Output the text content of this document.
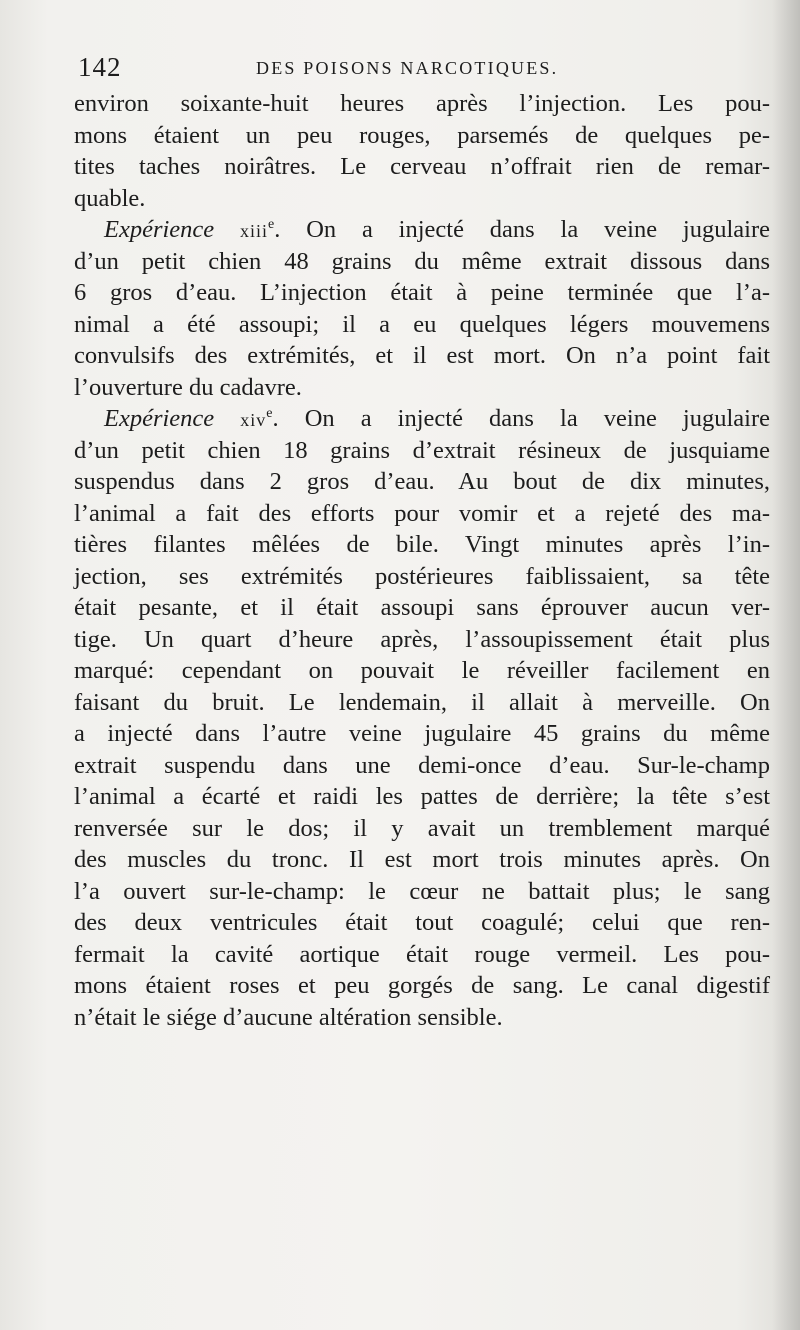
142	DES POISONS NARCOTIQUES.
environ soixante-huit heures après l’injection. Les pou-
mons étaient un peu rouges, parsemés de quelques pe-
tites taches noirâtres. Le cerveau n’offrait rien de remar-
quable.
Expérience xiii$^e$. On a injecté dans la veine jugulaire
d’un petit chien 48 grains du même extrait dissous dans
6 gros d’eau. L’injection était à peine terminée que l’a-
nimal a été assoupi; il a eu quelques légers mouvemens
convulsifs des extrémités, et il est mort. On n’a point fait
l’ouverture du cadavre.
Expérience xiv$^e$. On a injecté dans la veine jugulaire
d’un petit chien 18 grains d’extrait résineux de jusquiame
suspendus dans 2 gros d’eau. Au bout de dix minutes,
l’animal a fait des efforts pour vomir et a rejeté des ma-
tières filantes mêlées de bile. Vingt minutes après l’in-
jection, ses extrémités postérieures faiblissaient, sa tête
était pesante, et il était assoupi sans éprouver aucun ver-
tige. Un quart d’heure après, l’assoupissement était plus
marqué: cependant on pouvait le réveiller facilement en
faisant du bruit. Le lendemain, il allait à merveille. On
a injecté dans l’autre veine jugulaire 45 grains du même
extrait suspendu dans une demi-once d’eau. Sur-le-champ
l’animal a écarté et raidi les pattes de derrière; la tête s’est
renversée sur le dos; il y avait un tremblement marqué
des muscles du tronc. Il est mort trois minutes après. On
l’a ouvert sur-le-champ: le cœur ne battait plus; le sang
des deux ventricules était tout coagulé; celui que ren-
fermait la cavité aortique était rouge vermeil. Les pou-
mons étaient roses et peu gorgés de sang. Le canal digestif
n’était le siége d’aucune altération sensible.
